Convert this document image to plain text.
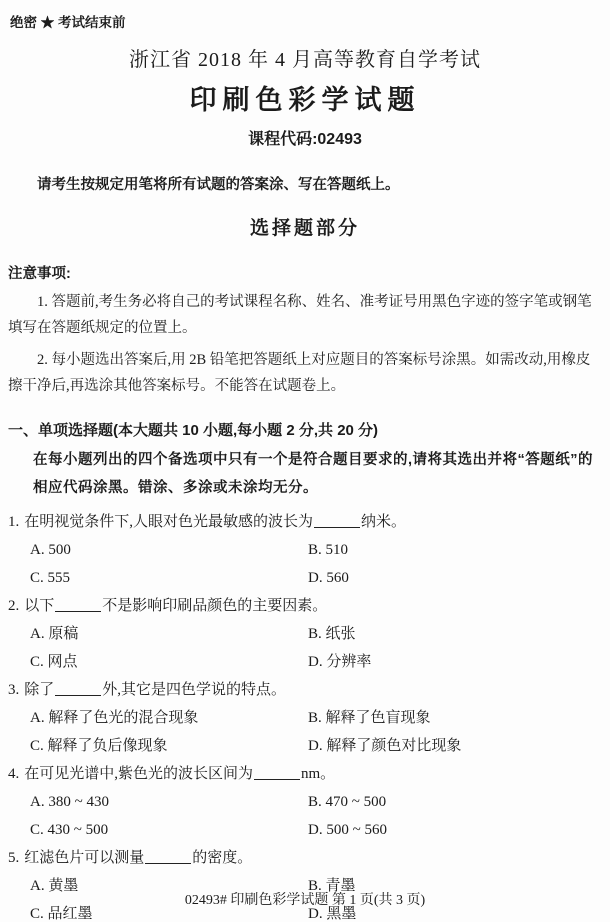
绝密 ★ 考试结束前
浙江省 2018 年 4 月高等教育自学考试
印刷色彩学试题
课程代码:02493
请考生按规定用笔将所有试题的答案涂、写在答题纸上。
选择题部分
注意事项:

1. 答题前,考生务必将自己的考试课程名称、姓名、准考证号用黑色字迹的签字笔或钢笔填写在答题纸规定的位置上。

2. 每小题选出答案后,用 2B 铅笔把答题纸上对应题目的答案标号涂黑。如需改动,用橡皮擦干净后,再选涂其他答案标号。不能答在试题卷上。

一、单项选择题(本大题共 10 小题,每小题 2 分,共 20 分)
在每小题列出的四个备选项中只有一个是符合题目要求的,请将其选出并将“答题纸”的相应代码涂黑。错涂、多涂或未涂均无分。
1. 在明视觉条件下,人眼对色光最敏感的波长为	纳米。
A. 500	B. 510
C. 555	D. 560
2. 以下	不是影响印刷品颜色的主要因素。
A. 原稿	B. 纸张
C. 网点	D. 分辨率
3. 除了	外,其它是四色学说的特点。
A. 解释了色光的混合现象	B. 解释了色盲现象
C. 解释了负后像现象	D. 解释了颜色对比现象
4. 在可见光谱中,紫色光的波长区间为	nm。
A. 380 ~ 430	B. 470 ~ 500
C. 430 ~ 500	D. 500 ~ 560
5. 红滤色片可以测量	的密度。
A. 黄墨	B. 青墨
C. 品红墨	D. 黑墨
02493# 印刷色彩学试题 第 1 页(共 3 页)
